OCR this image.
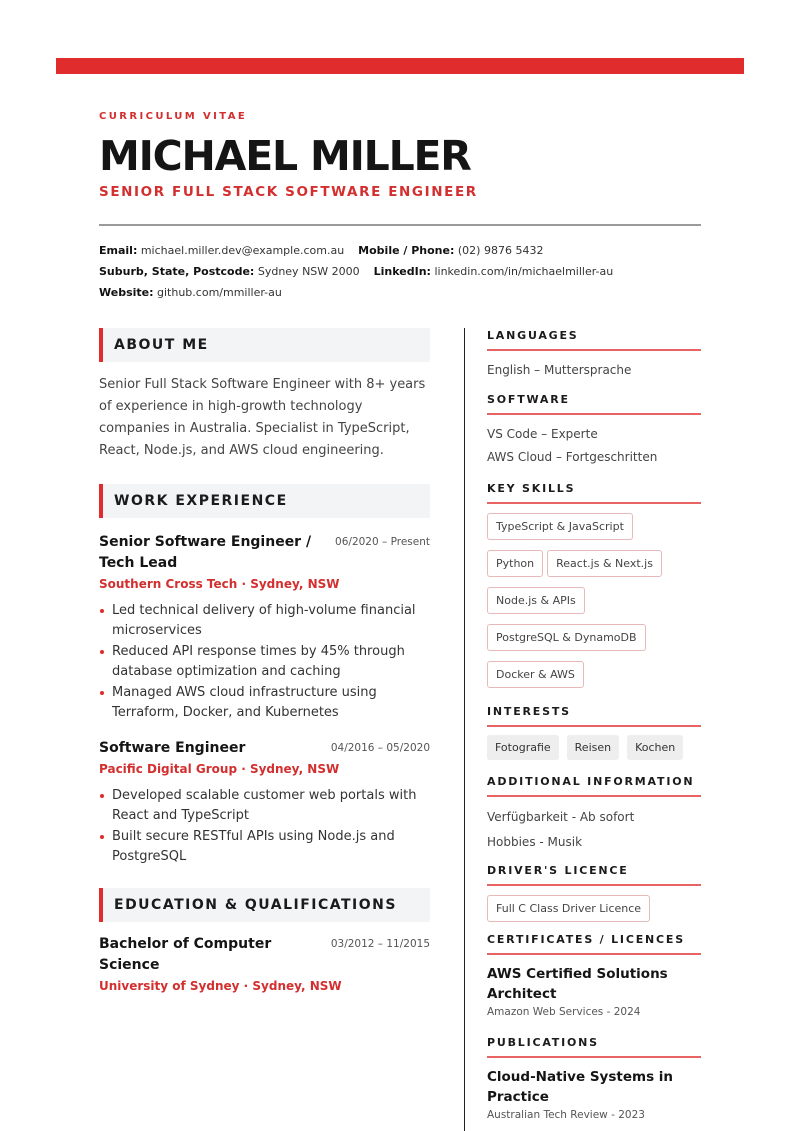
CURRICULUM VITAE
MICHAEL MILLER
SENIOR FULL STACK SOFTWARE ENGINEER
Email: michael.miller.dev@example.com.au Mobile / Phone: (02) 9876 5432
Suburb, State, Postcode: Sydney NSW 2000 LinkedIn: linkedin.com/in/michaelmiller-au
Website: github.com/mmiller-au
ABOUT ME

Senior Full Stack Software Engineer with 8+ years of experience in high-growth technology companies in Australia. Specialist in TypeScript, React, Node.js, and AWS cloud engineering.

WORK EXPERIENCE
Senior Software Engineer / Tech Lead
06/2020 – Present
Southern Cross Tech · Sydney, NSW
Led technical delivery of high-volume financial microservices
Reduced API response times by 45% through database optimization and caching
Managed AWS cloud infrastructure using Terraform, Docker, and Kubernetes
Software Engineer	04/2016 – 05/2020
Pacific Digital Group · Sydney, NSW
Developed scalable customer web portals with React and TypeScript
Built secure RESTful APIs using Node.js and PostgreSQL
EDUCATION & QUALIFICATIONS
Bachelor of Computer Science
03/2012 – 11/2015
University of Sydney · Sydney, NSW
LANGUAGES
English – Muttersprache
SOFTWARE
VS Code – Experte
AWS Cloud – Fortgeschritten
KEY SKILLS
TypeScript & JavaScript
Python	React.js & Next.js
Node.js & APIs
PostgreSQL & DynamoDB
Docker & AWS
INTERESTS
Fotografie Reisen Kochen
ADDITIONAL INFORMATION
Verfügbarkeit - Ab sofort
Hobbies - Musik
DRIVER'S LICENCE
Full C Class Driver Licence
CERTIFICATES / LICENCES
AWS Certified Solutions Architect
Amazon Web Services - 2024
PUBLICATIONS
Cloud-Native Systems in Practice
Australian Tech Review - 2023
